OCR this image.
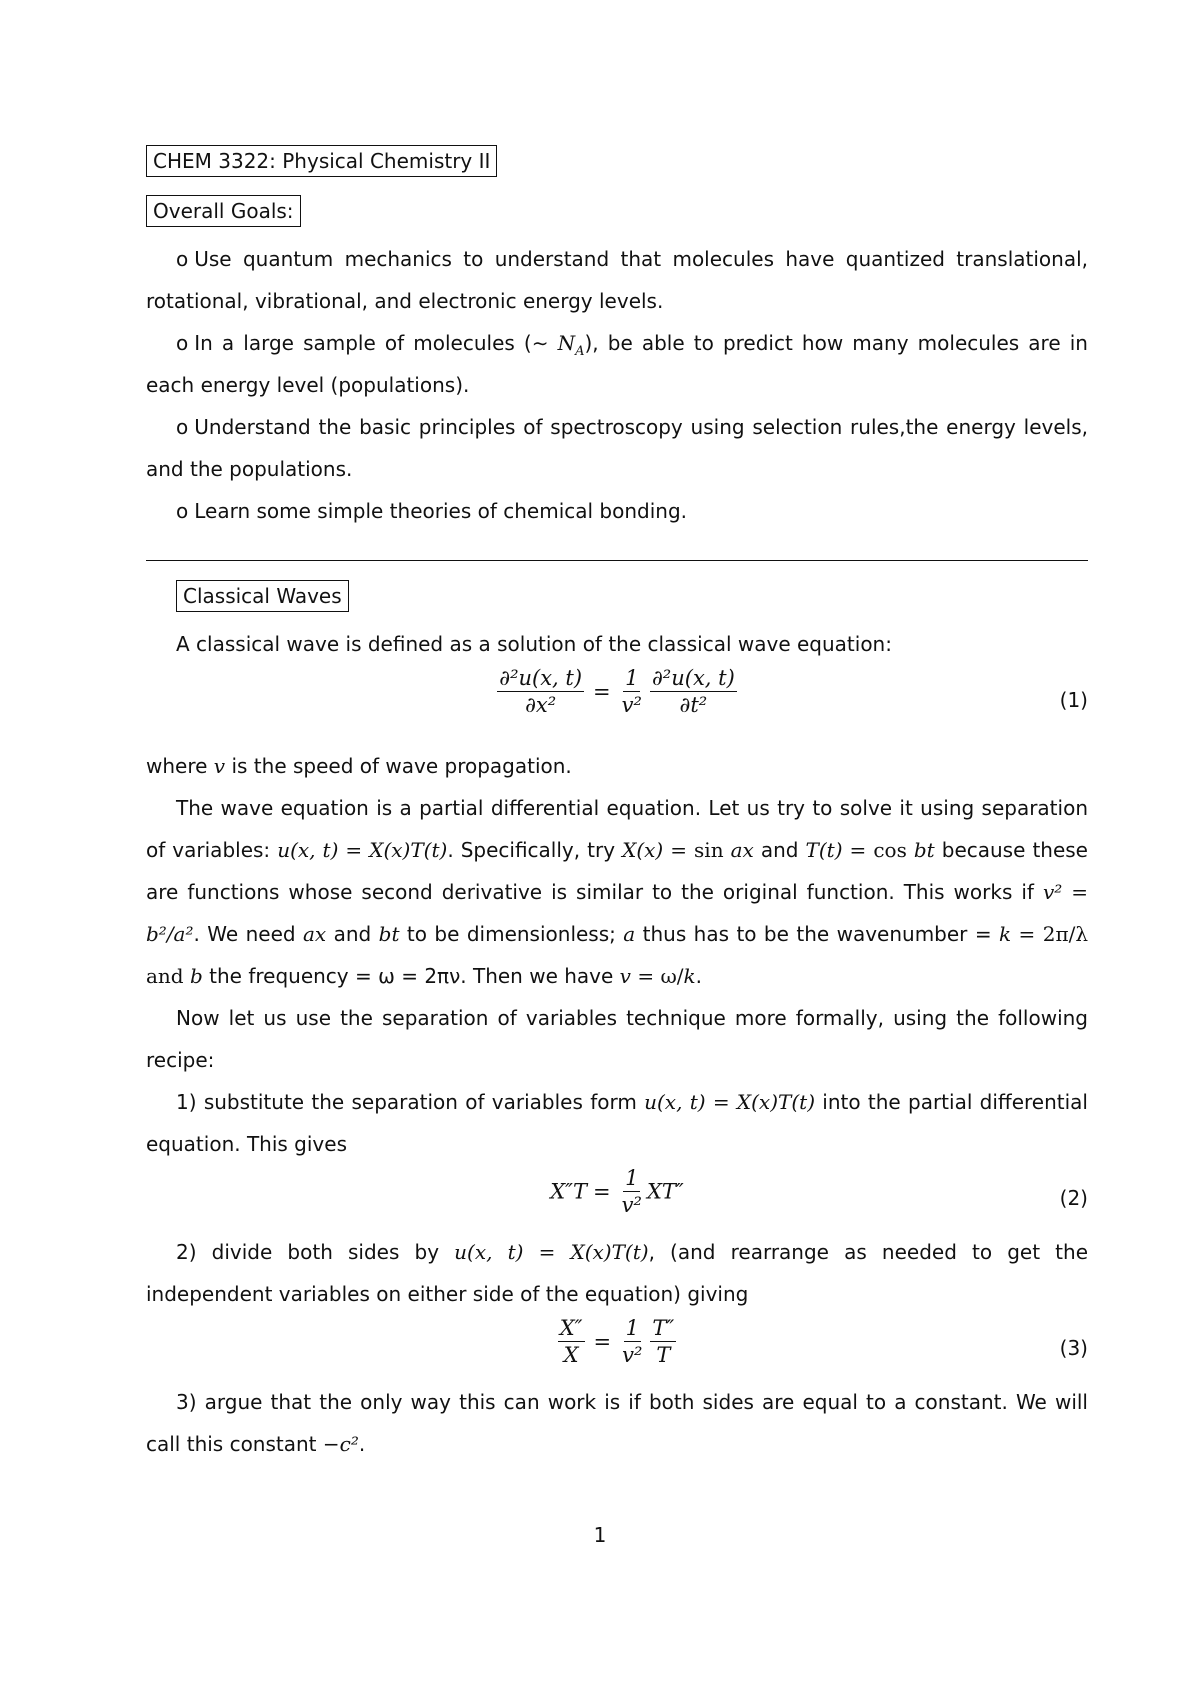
CHEM 3322: Physical Chemistry II
Overall Goals:

o Use quantum mechanics to understand that molecules have quantized translational, rotational, vibrational, and electronic energy levels.

o In a large sample of molecules (∼ $N_A$), be able to predict how many molecules are in each energy level (populations).

o Understand the basic principles of spectroscopy using selection rules,the energy levels, and the populations.

o Learn some simple theories of chemical bonding.

Classical Waves

A classical wave is defined as a solution of the classical wave equation:

$\frac{\text{∂²u(x, t)}}{\text{∂x²}} = \frac{1}{\text{v²}} \frac{\text{∂²u(x, t)}}{\text{∂t²}}$	(1)

where v is the speed of wave propagation.

The wave equation is a partial differential equation. Let us try to solve it using separation of variables: u(x, t) = X(x)T(t). Specifically, try X(x) = sin ax and T(t) = cos bt because these are functions whose second derivative is similar to the original function. This works if v² = b²/a². We need ax and bt to be dimensionless; a thus has to be the wavenumber = k = 2π/λ and b the frequency = ω = 2πν. Then we have v = ω/k.

Now let us use the separation of variables technique more formally, using the following recipe:

1) substitute the separation of variables form u(x, t) = X(x)T(t) into the partial differential equation. This gives

$X''T = \frac{1}{\text{v²}} XT''$	(2)

2) divide both sides by u(x, t) = X(x)T(t), (and rearrange as needed to get the independent variables on either side of the equation) giving

$\frac{X''}{X} = \frac{1}{\text{v²}} \frac{T''}{T}$	(3)

3) argue that the only way this can work is if both sides are equal to a constant. We will call this constant −c².

1
